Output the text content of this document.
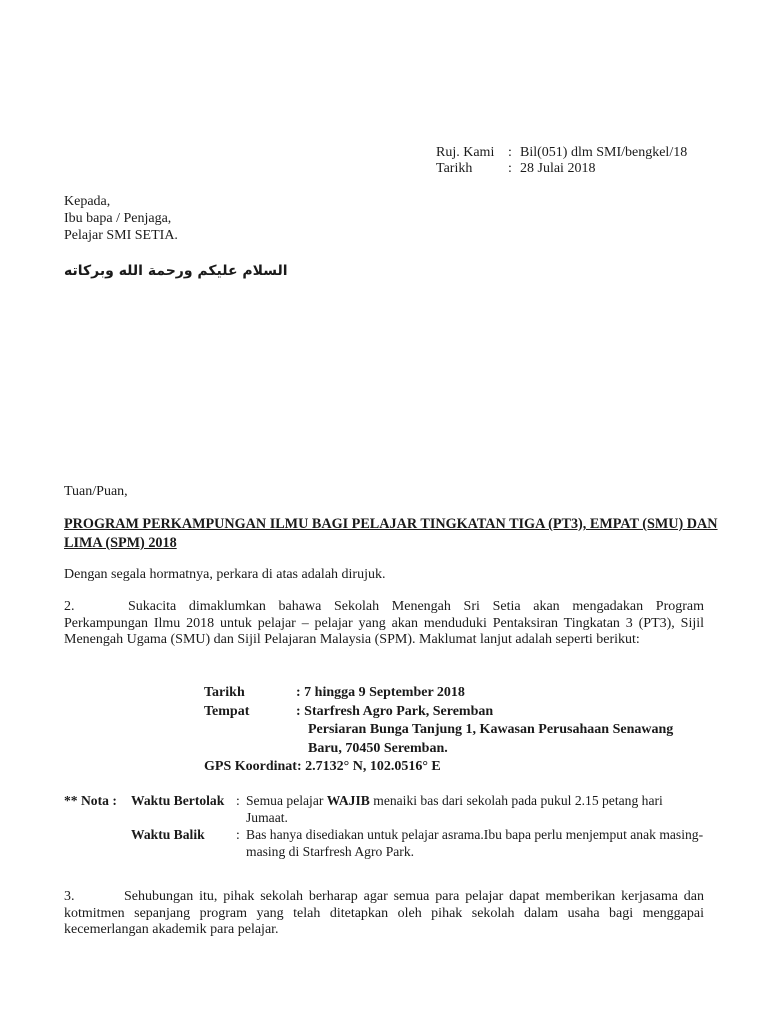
Ruj. Kami : Bil(051) dlm SMI/bengkel/18
Tarikh	: 28 Julai 2018
Kepada,
Ibu bapa / Penjaga,
Pelajar SMI SETIA.
السلام عليكم ورحمة الله وبركاته
Tuan/Puan,
PROGRAM PERKAMPUNGAN ILMU BAGI PELAJAR TINGKATAN TIGA (PT3), EMPAT (SMU) DAN LIMA (SPM) 2018
Dengan segala hormatnya, perkara di atas adalah dirujuk.
2.	Sukacita dimaklumkan bahawa Sekolah Menengah Sri Setia akan mengadakan Program Perkampungan Ilmu 2018 untuk pelajar – pelajar yang akan menduduki Pentaksiran Tingkatan 3 (PT3), Sijil Menengah Ugama (SMU) dan Sijil Pelajaran Malaysia (SPM). Maklumat lanjut adalah seperti berikut:
Tarikh	: 7 hingga 9 September 2018
Tempat	: Starfresh Agro Park, Seremban
Persiaran Bunga Tanjung 1, Kawasan Perusahaan Senawang
Baru, 70450 Seremban.
GPS Koordinat: 2.7132° N, 102.0516° E
** Nota :	Waktu Bertolak : Semua pelajar WAJIB menaiki bas dari sekolah pada pukul 2.15 petang hari Jumaat.
Waktu Balik	: Bas hanya disediakan untuk pelajar asrama.Ibu bapa perlu menjemput anak masing- masing di Starfresh Agro Park.
3.	Sehubungan itu, pihak sekolah berharap agar semua para pelajar dapat memberikan kerjasama dan kotmitmen sepanjang program yang telah ditetapkan oleh pihak sekolah dalam usaha bagi menggapai kecemerlangan akademik para pelajar.
